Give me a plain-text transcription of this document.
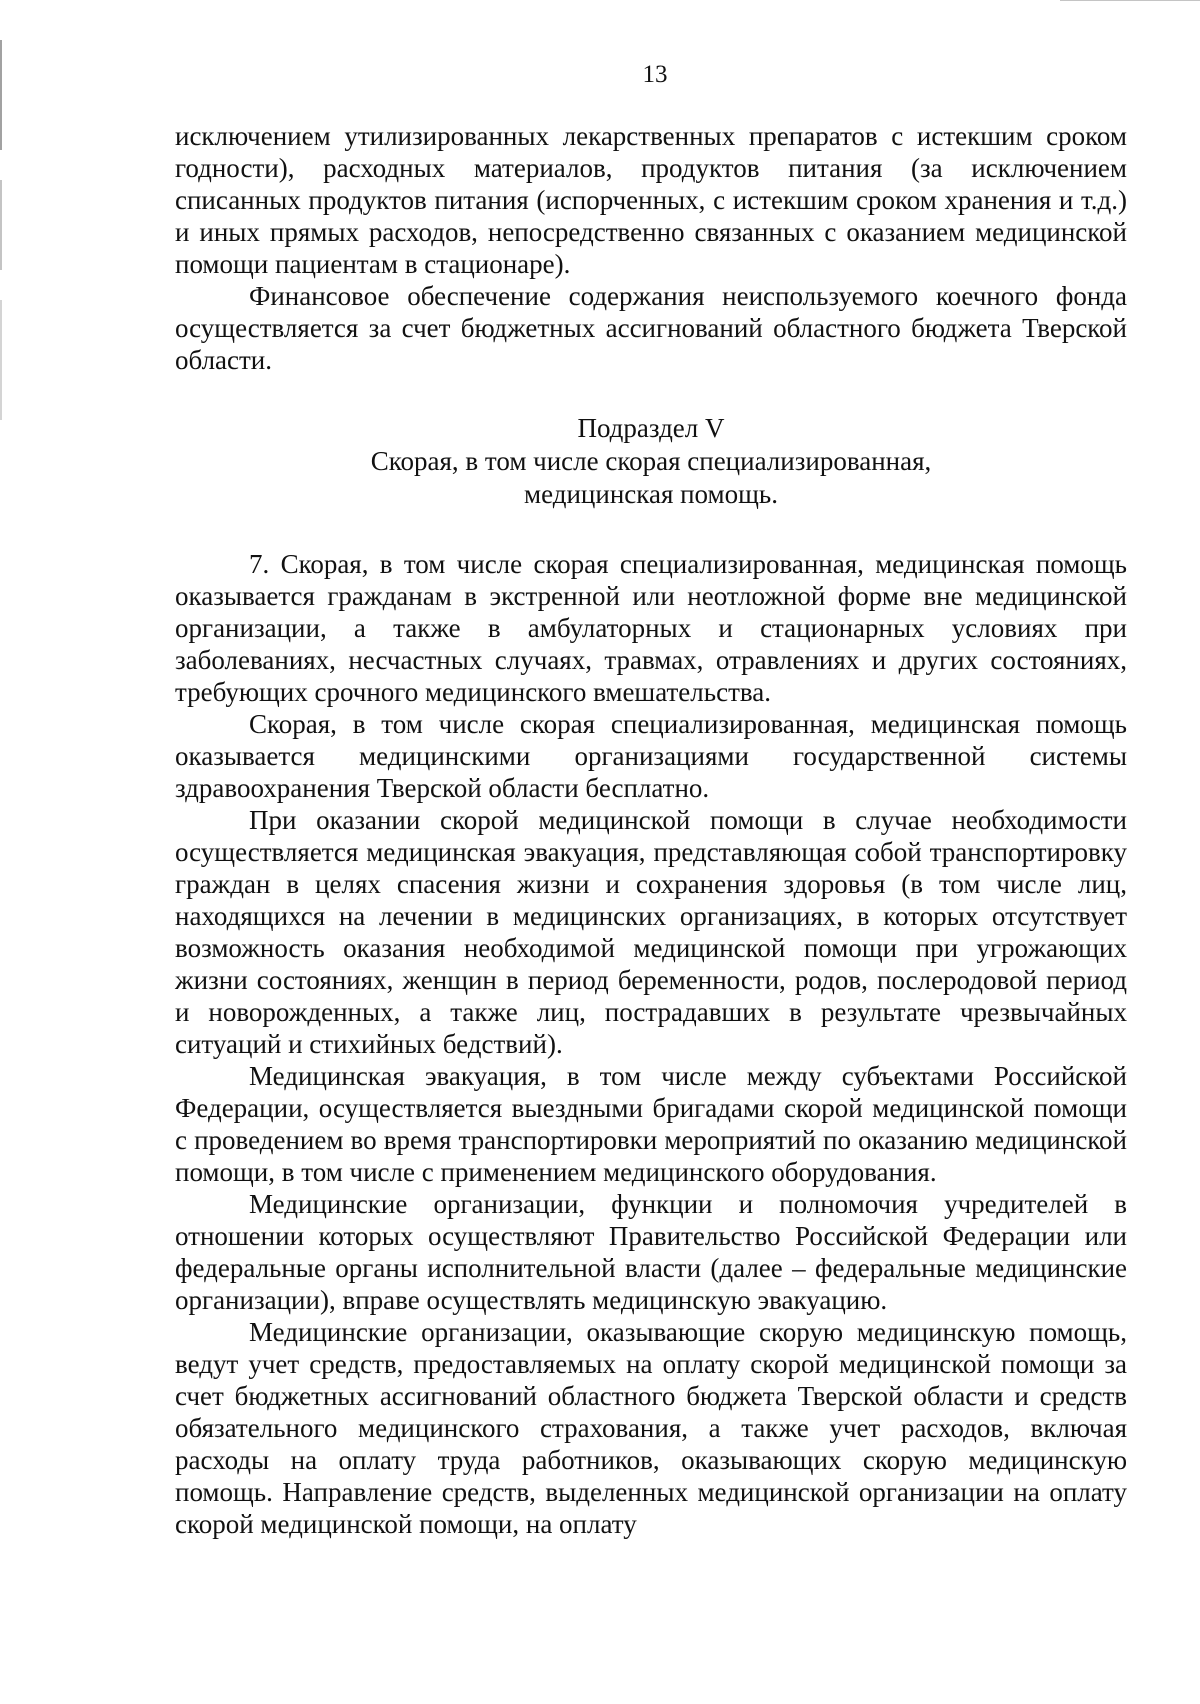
13

исключением утилизированных лекарственных препаратов с истекшим сроком годности), расходных материалов, продуктов питания (за исключением списанных продуктов питания (испорченных, с истекшим сроком хранения и т.д.) и иных прямых расходов, непосредственно связанных с оказанием медицинской помощи пациентам в стационаре).

Финансовое обеспечение содержания неиспользуемого коечного фонда осуществляется за счет бюджетных ассигнований областного бюджета Тверской области.

Подраздел V
Скорая, в том числе скорая специализированная,
медицинская помощь.

7. Скорая, в том числе скорая специализированная, медицинская помощь оказывается гражданам в экстренной или неотложной форме вне медицинской организации, а также в амбулаторных и стационарных условиях при заболеваниях, несчастных случаях, травмах, отравлениях и других состояниях, требующих срочного медицинского вмешательства.

Скорая, в том числе скорая специализированная, медицинская помощь оказывается медицинскими организациями государственной системы здравоохранения Тверской области бесплатно.

При оказании скорой медицинской помощи в случае необходимости осуществляется медицинская эвакуация, представляющая собой транспортировку граждан в целях спасения жизни и сохранения здоровья (в том числе лиц, находящихся на лечении в медицинских организациях, в которых отсутствует возможность оказания необходимой медицинской помощи при угрожающих жизни состояниях, женщин в период беременности, родов, послеродовой период и новорожденных, а также лиц, пострадавших в результате чрезвычайных ситуаций и стихийных бедствий).

Медицинская эвакуация, в том числе между субъектами Российской Федерации, осуществляется выездными бригадами скорой медицинской помощи с проведением во время транспортировки мероприятий по оказанию медицинской помощи, в том числе с применением медицинского оборудования.

Медицинские организации, функции и полномочия учредителей в отношении которых осуществляют Правительство Российской Федерации или федеральные органы исполнительной власти (далее – федеральные медицинские организации), вправе осуществлять медицинскую эвакуацию.

Медицинские организации, оказывающие скорую медицинскую помощь, ведут учет средств, предоставляемых на оплату скорой медицинской помощи за счет бюджетных ассигнований областного бюджета Тверской области и средств обязательного медицинского страхования, а также учет расходов, включая расходы на оплату труда работников, оказывающих скорую медицинскую помощь. Направление средств, выделенных медицинской организации на оплату скорой медицинской помощи, на оплату
